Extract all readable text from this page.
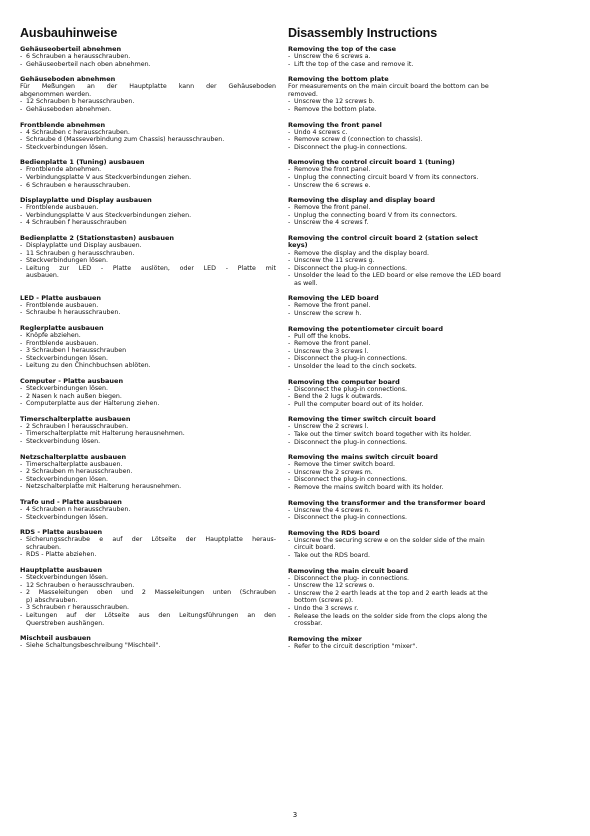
Ausbauhinweise
Gehäuseoberteil abnehmen
- 6 Schrauben a herausschrauben.
- Gehäuseoberteil nach oben abnehmen.
Gehäuseboden abnehmen
Für Meßungen an der Hauptplatte kann der Gehäuseboden
abgenommen werden.
- 12 Schrauben b herausschrauben.
- Gehäuseboden abnehmen.
Frontblende abnehmen
- 4 Schrauben c herausschrauben.
- Schraube d (Masseverbindung zum Chassis) herausschrauben.
- Steckverbindungen lösen.
Bedienplatte 1 (Tuning) ausbauen
- Frontblende abnehmen.
- Verbindungsplatte V aus Steckverbindungen ziehen.
- 6 Schrauben e herausschrauben.
Displayplatte und Display ausbauen
- Frontblende ausbauen.
- Verbindungsplatte V aus Steckverbindungen ziehen.
- 4 Schrauben f herausschrauben
Bedienplatte 2 (Stationstasten) ausbauen
- Displayplatte und Display ausbauen.
- 11 Schrauben g herausschrauben.
- Steckverbindungen lösen.
- Leitung zur LED - Platte auslöten, oder LED - Platte mit
ausbauen.
LED - Platte ausbauen
- Frontblende ausbauen.
- Schraube h herausschrauben.
Reglerplatte ausbauen
- Knöpfe abziehen.
- Frontblende ausbauen.
- 3 Schrauben l herausschrauben
- Steckverbindungen lösen.
- Leitung zu den Chinchbuchsen ablöten.
Computer - Platte ausbauen
- Steckverbindungen lösen.
- 2 Nasen k nach außen biegen.
- Computerplatte aus der Halterung ziehen.
Timerschalterplatte ausbauen
- 2 Schrauben l herausschrauben.
- Timerschalterplatte mit Halterung herausnehmen.
- Steckverbindung lösen.
Netzschalterplatte ausbauen
- Timerschalterplatte ausbauen.
- 2 Schrauben m herausschrauben.
- Steckverbindungen lösen.
- Netzschalterplatte mit Halterung herausnehmen.
Trafo und - Platte ausbauen
- 4 Schrauben n herausschrauben.
- Steckverbindungen lösen.
RDS - Platte ausbauen
- Sicherungsschraube e auf der Lötseite der Hauptplatte heraus-
schrauben.
- RDS - Platte abziehen.
Hauptplatte ausbauen
- Steckverbindungen lösen.
- 12 Schrauben o herausschrauben.
- 2 Masseleitungen oben und 2 Masseleitungen unten (Schrauben
p) abschrauben.
- 3 Schrauben r herausschrauben.
- Leitungen auf der Lötseite aus den Leitungsführungen an den
Querstreben aushängen.
Mischteil ausbauen
- Siehe Schaltungsbeschreibung "Mischteil".
Disassembly Instructions
Removing the top of the case
- Unscrew the 6 screws a.
- Lift the top of the case and remove it.
Removing the bottom plate
For measurements on the main circuit board the bottom can be
removed.
- Unscrew the 12 screws b.
- Remove the bottom plate.
Removing the front panel
- Undo 4 screws c.
- Remove screw d (connection to chassis).
- Disconnect the plug-in connections.
Removing the control circuit board 1 (tuning)
- Remove the front panel.
- Unplug the connecting circuit board V from its connectors.
- Unscrew the 6 screws e.
Removing the display and display board
- Remove the front panel.
- Unplug the connecting board V from its connectors.
- Unscrew the 4 screws f.
Removing the control circuit board 2 (station select
keys)
- Remove the display and the display board.
- Unscrew the 11 screws g.
- Disconnect the plug-in connections.
- Unsolder the lead to the LED board or else remove the LED board
as well.
Removing the LED board
- Remove the front panel.
- Unscrew the screw h.
Removing the potentiometer circuit board
- Pull off the knobs.
- Remove the front panel.
- Unscrew the 3 screws l.
- Disconnect the plug-in connections.
- Unsolder the lead to the cinch sockets.
Removing the computer board
- Disconnect the plug-in connections.
- Bend the 2 lugs k outwards.
- Pull the computer board out of its holder.
Removing the timer switch circuit board
- Unscrew the 2 screws l.
- Take out the timer switch board together with its holder.
- Disconnect the plug-in connections.
Removing the mains switch circuit board
- Remove the timer switch board.
- Unscrew the 2 screws m.
- Disconnect the plug-in connections.
- Remove the mains switch board with its holder.
Removing the transformer and the transformer board
- Unscrew the 4 screws n.
- Disconnect the plug-in connections.
Removing the RDS board
- Unscrew the securing screw e on the solder side of the main
circuit board.
- Take out the RDS board.
Removing the main circuit board
- Disconnect the plug- in connections.
- Unscrew the 12 screws o.
- Unscrew the 2 earth leads at the top and 2 earth leads at the
bottom (screws p).
- Undo the 3 screws r.
- Release the leads on the solder side from the clops along the
crossbar.
Removing the mixer
- Refer to the circuit description "mixer".
3
